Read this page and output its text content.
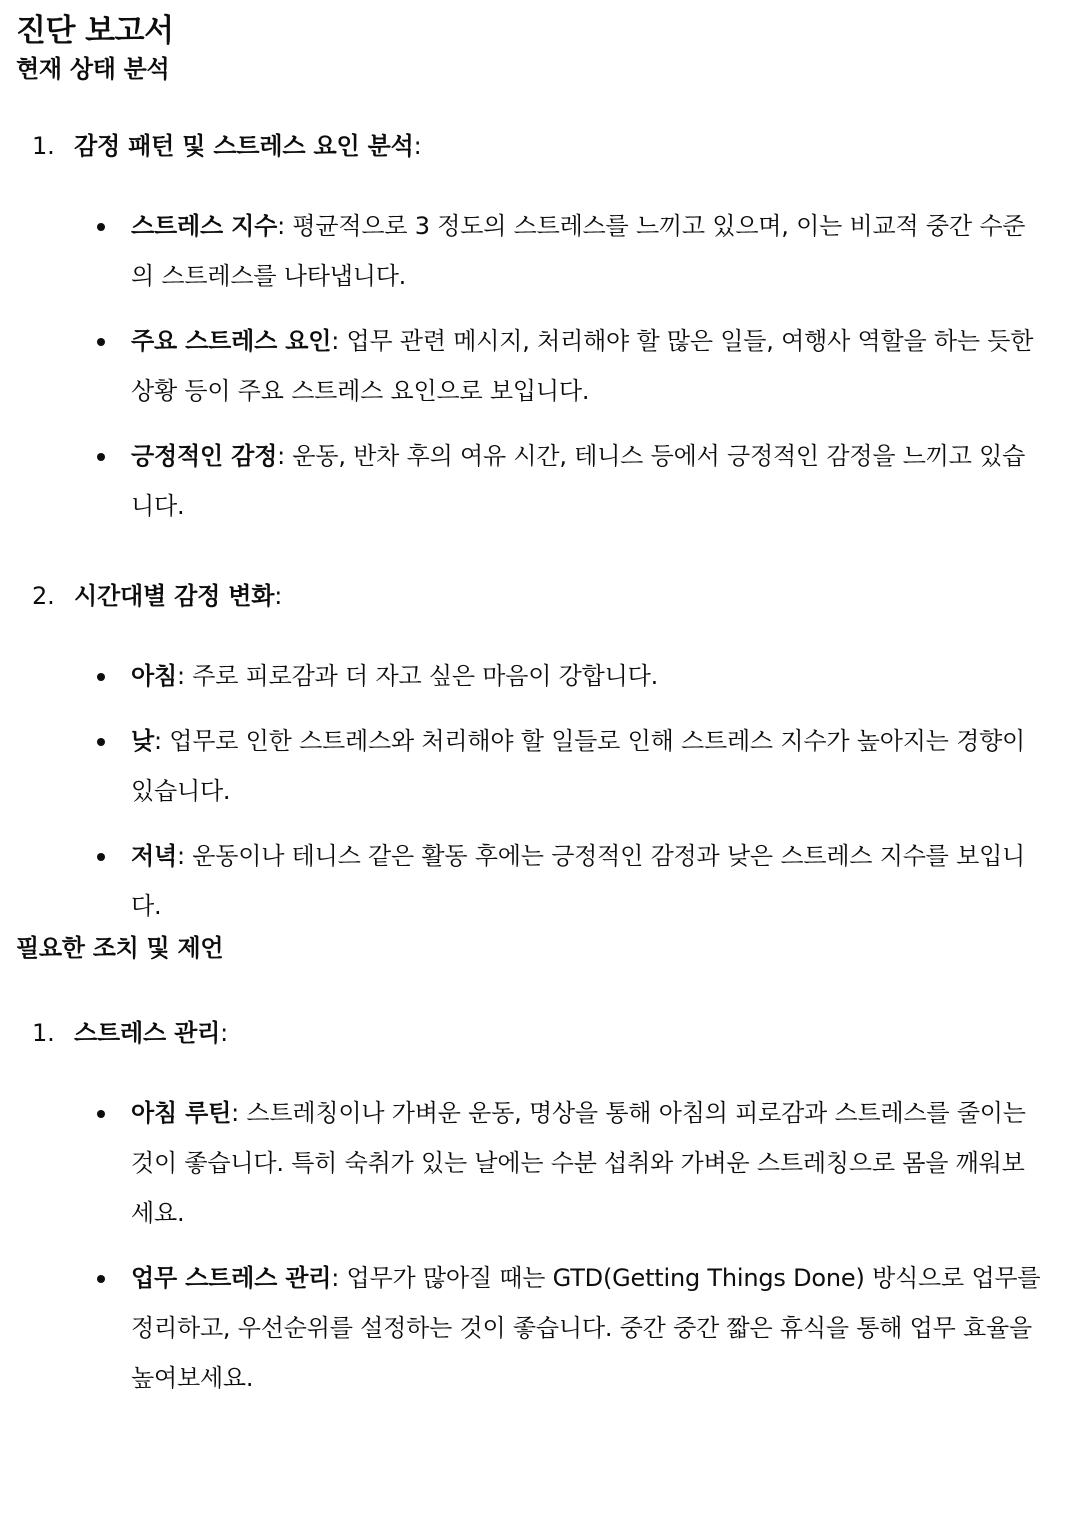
진단 보고서
현재 상태 분석
1. 감정 패턴 및 스트레스 요인 분석:
스트레스 지수: 평균적으로 3 정도의 스트레스를 느끼고 있으며, 이는 비교적 중간 수준의 스트레스를 나타냅니다.
주요 스트레스 요인: 업무 관련 메시지, 처리해야 할 많은 일들, 여행사 역할을 하는 듯한 상황 등이 주요 스트레스 요인으로 보입니다.
긍정적인 감정: 운동, 반차 후의 여유 시간, 테니스 등에서 긍정적인 감정을 느끼고 있습니다.
2. 시간대별 감정 변화:
아침: 주로 피로감과 더 자고 싶은 마음이 강합니다.
낮: 업무로 인한 스트레스와 처리해야 할 일들로 인해 스트레스 지수가 높아지는 경향이 있습니다.
저녁: 운동이나 테니스 같은 활동 후에는 긍정적인 감정과 낮은 스트레스 지수를 보입니다.
필요한 조치 및 제언
1. 스트레스 관리:
아침 루틴: 스트레칭이나 가벼운 운동, 명상을 통해 아침의 피로감과 스트레스를 줄이는 것이 좋습니다. 특히 숙취가 있는 날에는 수분 섭취와 가벼운 스트레칭으로 몸을 깨워보세요.
업무 스트레스 관리: 업무가 많아질 때는 GTD(Getting Things Done) 방식으로 업무를 정리하고, 우선순위를 설정하는 것이 좋습니다. 중간 중간 짧은 휴식을 통해 업무 효율을 높여보세요.
